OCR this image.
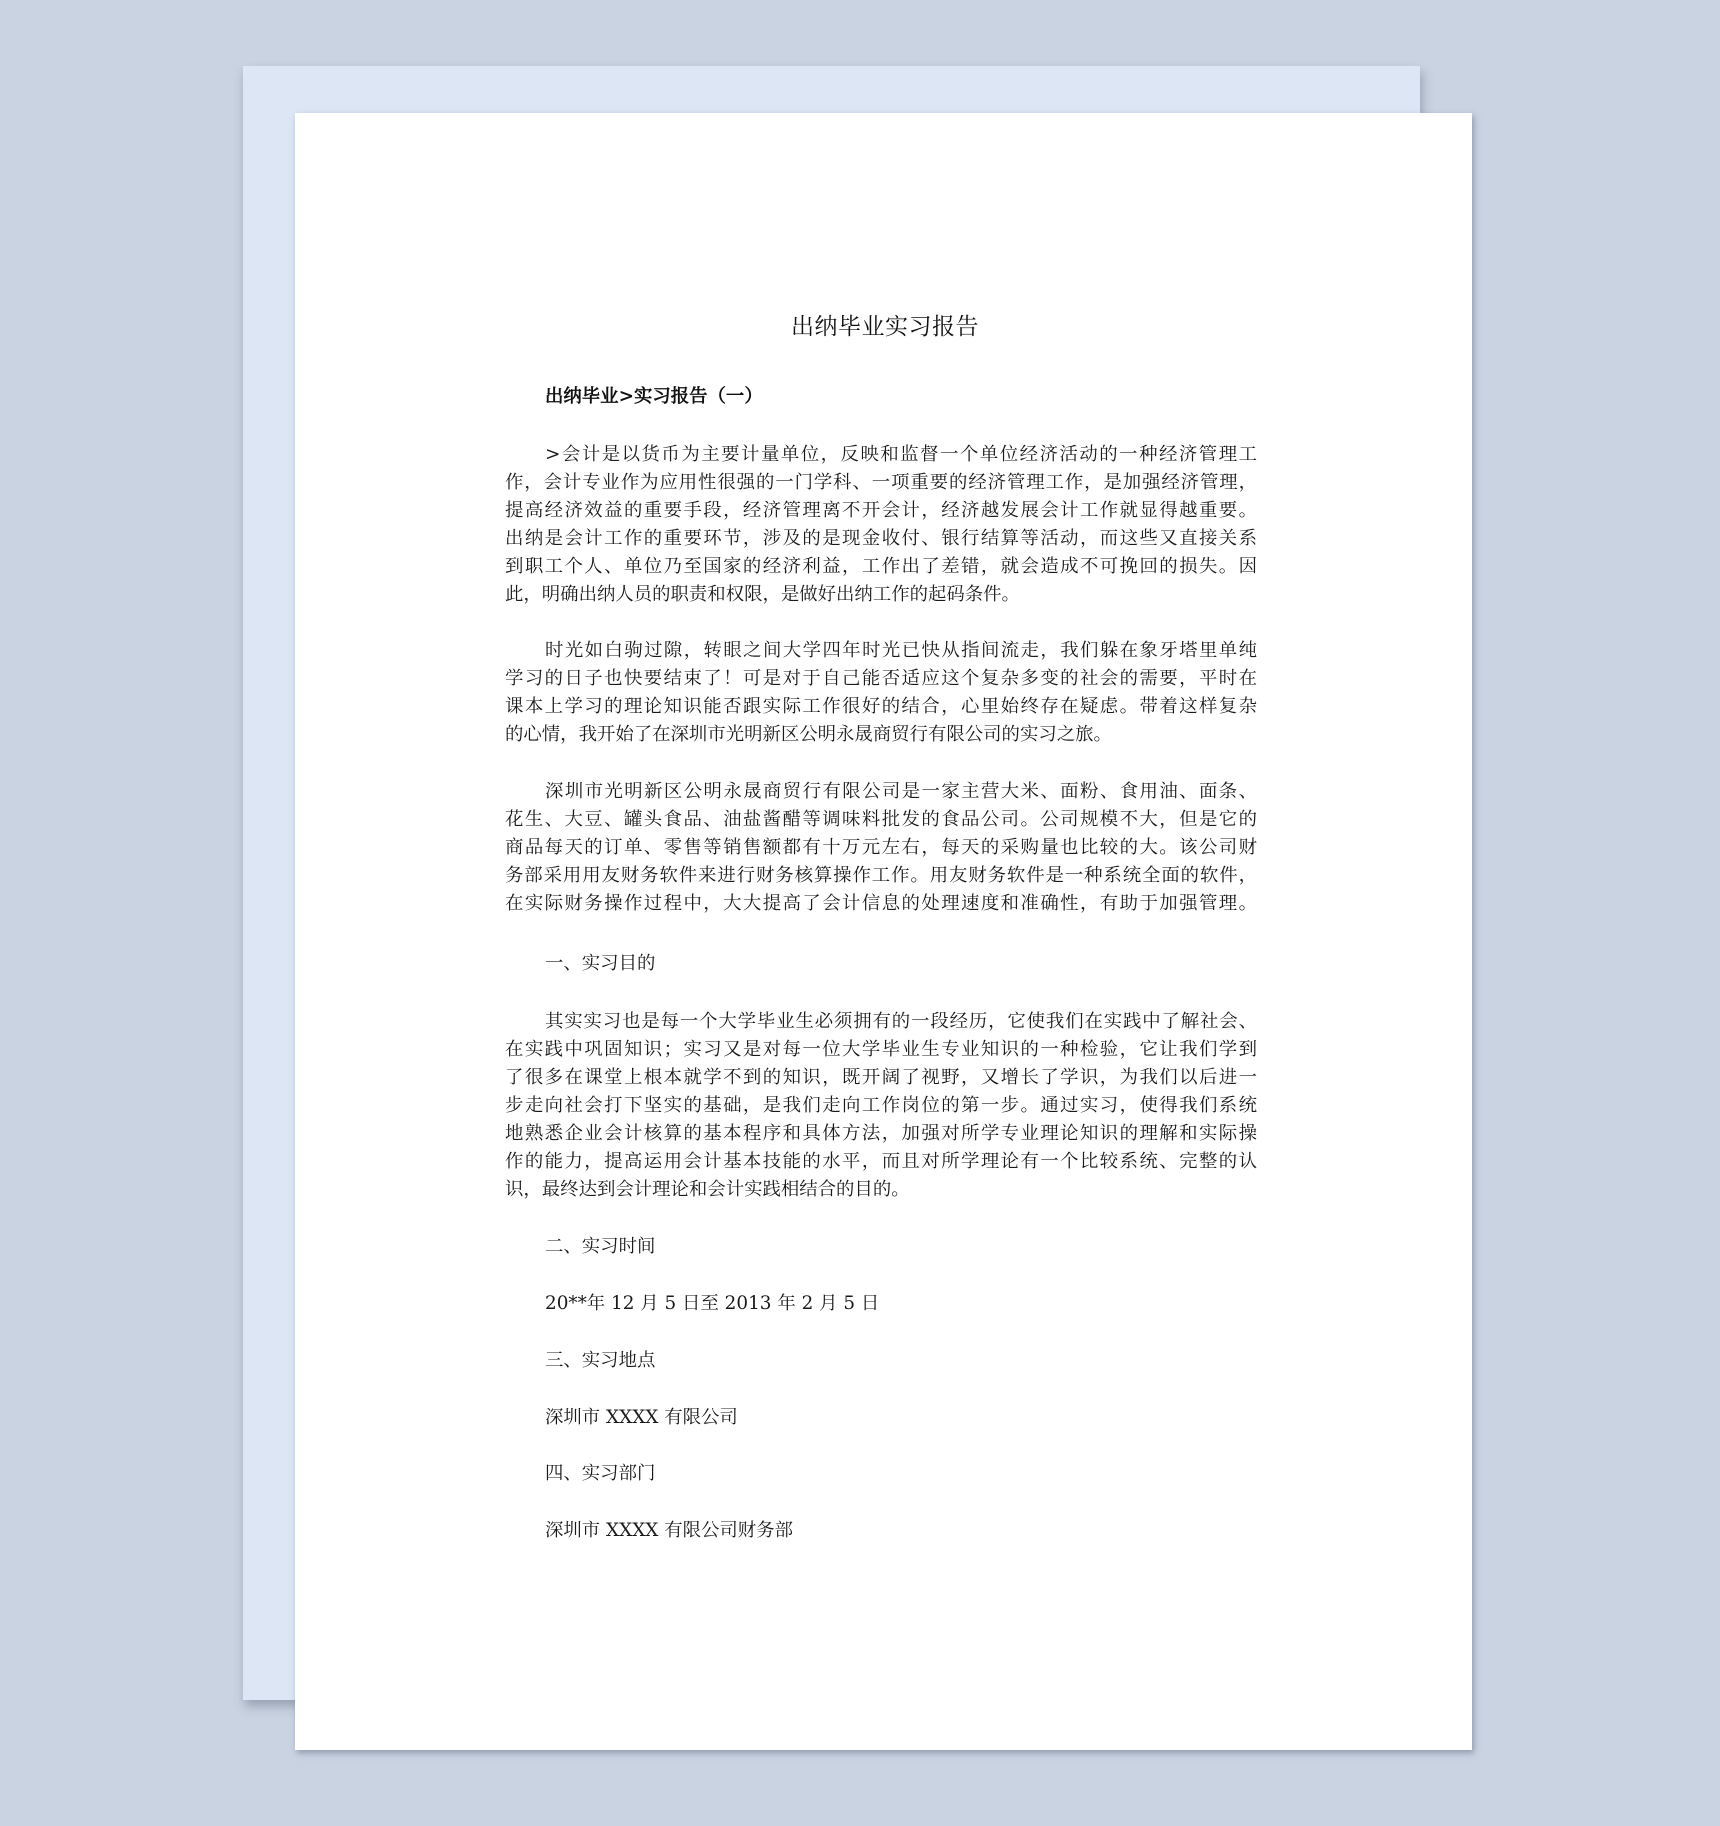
出纳毕业实习报告
出纳毕业>实习报告（一）
>会计是以货币为主要计量单位，反映和监督一个单位经济活动的一种经济管理工
作，会计专业作为应用性很强的一门学科、一项重要的经济管理工作，是加强经济管理，
提高经济效益的重要手段，经济管理离不开会计，经济越发展会计工作就显得越重要。
出纳是会计工作的重要环节，涉及的是现金收付、银行结算等活动，而这些又直接关系
到职工个人、单位乃至国家的经济利益，工作出了差错，就会造成不可挽回的损失。因
此，明确出纳人员的职责和权限，是做好出纳工作的起码条件。
时光如白驹过隙，转眼之间大学四年时光已快从指间流走，我们躲在象牙塔里单纯
学习的日子也快要结束了！可是对于自己能否适应这个复杂多变的社会的需要，平时在
课本上学习的理论知识能否跟实际工作很好的结合，心里始终存在疑虑。带着这样复杂
的心情，我开始了在深圳市光明新区公明永晟商贸行有限公司的实习之旅。
深圳市光明新区公明永晟商贸行有限公司是一家主营大米、面粉、食用油、面条、
花生、大豆、罐头食品、油盐酱醋等调味料批发的食品公司。公司规模不大，但是它的
商品每天的订单、零售等销售额都有十万元左右，每天的采购量也比较的大。该公司财
务部采用用友财务软件来进行财务核算操作工作。用友财务软件是一种系统全面的软件，
在实际财务操作过程中，大大提高了会计信息的处理速度和准确性，有助于加强管理。
一、实习目的
其实实习也是每一个大学毕业生必须拥有的一段经历，它使我们在实践中了解社会、
在实践中巩固知识；实习又是对每一位大学毕业生专业知识的一种检验，它让我们学到
了很多在课堂上根本就学不到的知识，既开阔了视野，又增长了学识，为我们以后进一
步走向社会打下坚实的基础，是我们走向工作岗位的第一步。通过实习，使得我们系统
地熟悉企业会计核算的基本程序和具体方法，加强对所学专业理论知识的理解和实际操
作的能力，提高运用会计基本技能的水平，而且对所学理论有一个比较系统、完整的认
识，最终达到会计理论和会计实践相结合的目的。
二、实习时间
20**年 12 月 5 日至 2013 年 2 月 5 日
三、实习地点
深圳市 XXXX 有限公司
四、实习部门
深圳市 XXXX 有限公司财务部
